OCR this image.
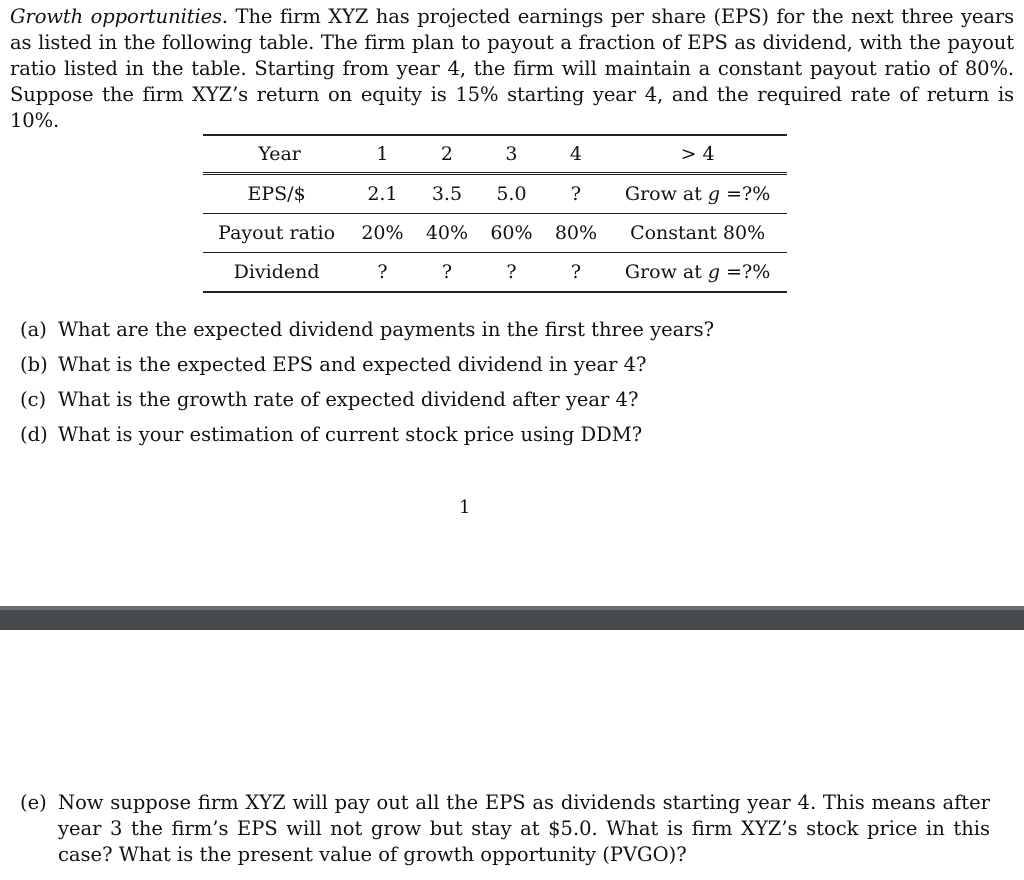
Growth opportunities. The firm XYZ has projected earnings per share (EPS) for the next three years as listed in the following table. The firm plan to payout a fraction of EPS as dividend, with the payout ratio listed in the table. Starting from year 4, the firm will maintain a constant payout ratio of 80%. Suppose the firm XYZ’s return on equity is 15% starting year 4, and the required rate of return is 10%.

Year	1	2	3	4	> 4
EPS/$	2.1	3.5	5.0	?	Grow at g =?%
Payout ratio	20%	40%	60%	80%	Constant 80%
Dividend	?	?	?	?	Grow at g =?%
(a) What are the expected dividend payments in the first three years?
(b) What is the expected EPS and expected dividend in year 4?
(c) What is the growth rate of expected dividend after year 4?
(d) What is your estimation of current stock price using DDM?
1
(e) Now suppose firm XYZ will pay out all the EPS as dividends starting year 4. This means after year 3 the firm’s EPS will not grow but stay at $5.0. What is firm XYZ’s stock price in this case? What is the present value of growth opportunity (PVGO)?
